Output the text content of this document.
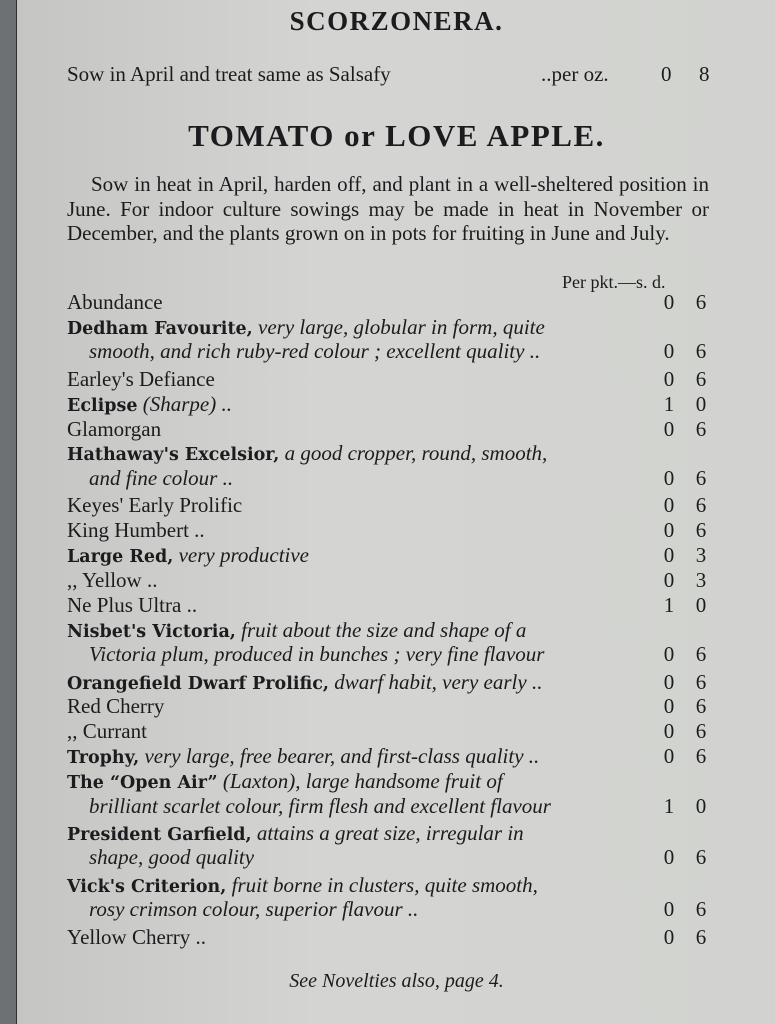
SCORZONERA.
Sow in April and treat same as Salsafy	..per oz. 0 8
TOMATO or LOVE APPLE.
Sow in heat in April, harden off, and plant in a well-sheltered position in June. For indoor culture sowings may be made in heat in November or December, and the plants grown on in pots for fruiting in June and July.
Per pkt.—s. d.
Abundance	0 6
Dedham Favourite, very large, globular in form, quite
smooth, and rich ruby-red colour ; excellent quality ..	0 6
Earley's Defiance	0 6
Eclipse (Sharpe) ..	1 0
Glamorgan	0 6
Hathaway's Excelsior, a good cropper, round, smooth,
and fine colour ..	0 6
Keyes' Early Prolific	0 6
King Humbert ..	0 6
Large Red, very productive	0 3
,, Yellow ..	0 3
Ne Plus Ultra ..	1 0
Nisbet's Victoria, fruit about the size and shape of a
Victoria plum, produced in bunches ; very fine flavour	0 6
Orangefield Dwarf Prolific, dwarf habit, very early ..	0 6
Red Cherry	0 6
,, Currant	0 6
Trophy, very large, free bearer, and first-class quality ..	0 6
The “Open Air” (Laxton), large handsome fruit of
brilliant scarlet colour, firm flesh and excellent flavour	1 0
President Garfield, attains a great size, irregular in
shape, good quality	0 6
Vick's Criterion, fruit borne in clusters, quite smooth,
rosy crimson colour, superior flavour ..	0 6
Yellow Cherry ..	0 6
See Novelties also, page 4.
